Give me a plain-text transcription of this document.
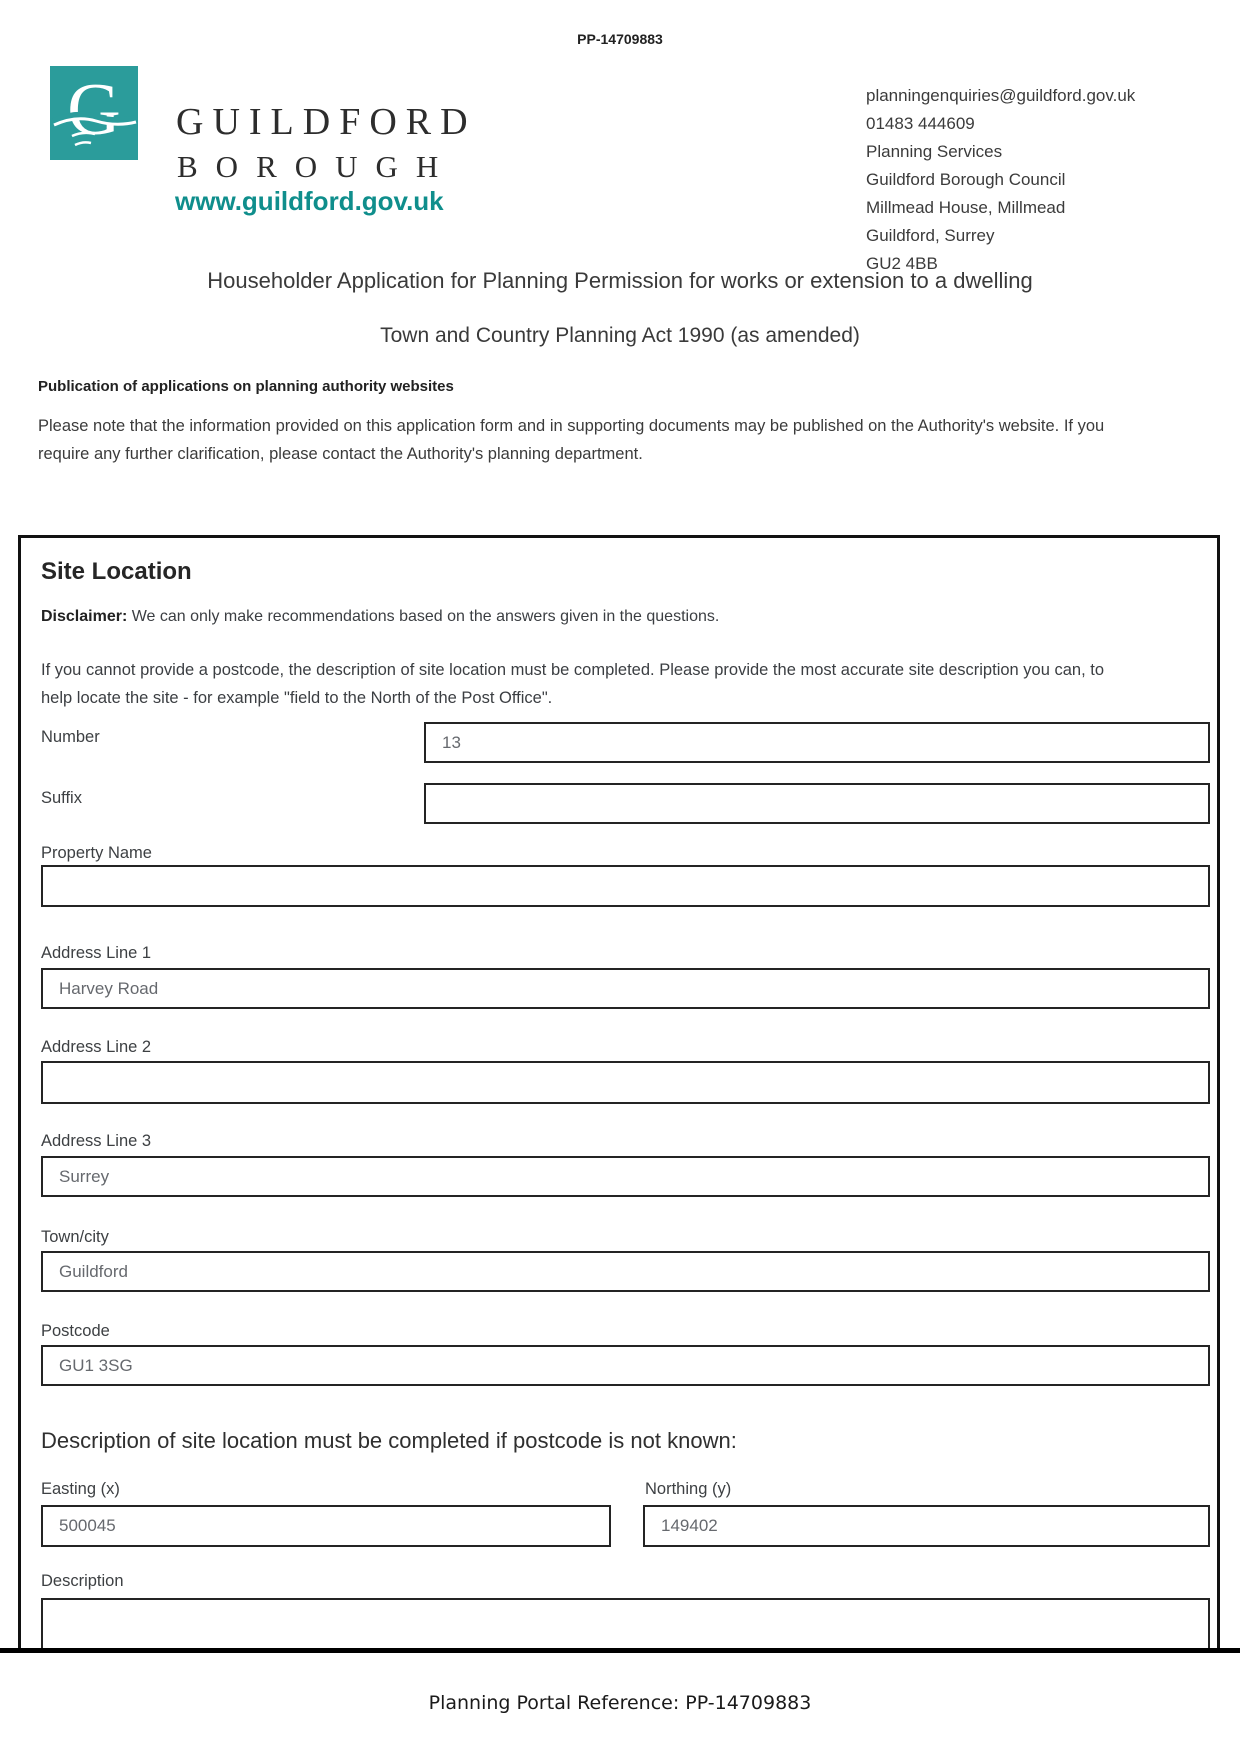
PP-14709883
G	GUILDFORD
BOROUGH
www.guildford.gov.uk
planningenquiries@guildford.gov.uk
01483 444609
Planning Services
Guildford Borough Council
Millmead House, Millmead
Guildford, Surrey
GU2 4BB
Householder Application for Planning Permission for works or extension to a dwelling
Town and Country Planning Act 1990 (as amended)
Publication of applications on planning authority websites
Please note that the information provided on this application form and in supporting documents may be published on the Authority's website. If you
require any further clarification, please contact the Authority's planning department.
Site Location
Disclaimer: We can only make recommendations based on the answers given in the questions.
If you cannot provide a postcode, the description of site location must be completed. Please provide the most accurate site description you can, to
help locate the site - for example "field to the North of the Post Office".
Number
13
Suffix
Property Name
Address Line 1
Harvey Road
Address Line 2
Address Line 3
Surrey
Town/city
Guildford
Postcode
GU1 3SG
Description of site location must be completed if postcode is not known:
Easting (x)
500045	Northing (y)
149402
Description
Planning Portal Reference: PP-14709883
